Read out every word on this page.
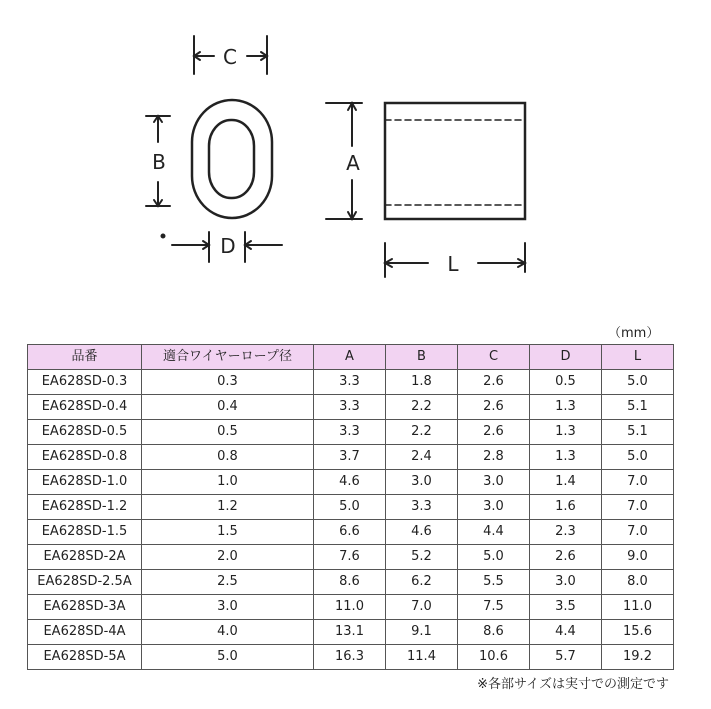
C
B
D
A
L
（mm）
品番	適合ワイヤーロープ径	A	B	C	D	L
EA628SD-0.3	0.3	3.3	1.8	2.6	0.5	5.0
EA628SD-0.4	0.4	3.3	2.2	2.6	1.3	5.1
EA628SD-0.5	0.5	3.3	2.2	2.6	1.3	5.1
EA628SD-0.8	0.8	3.7	2.4	2.8	1.3	5.0
EA628SD-1.0	1.0	4.6	3.0	3.0	1.4	7.0
EA628SD-1.2	1.2	5.0	3.3	3.0	1.6	7.0
EA628SD-1.5	1.5	6.6	4.6	4.4	2.3	7.0
EA628SD-2A	2.0	7.6	5.2	5.0	2.6	9.0
EA628SD-2.5A	2.5	8.6	6.2	5.5	3.0	8.0
EA628SD-3A	3.0	11.0	7.0	7.5	3.5	11.0
EA628SD-4A	4.0	13.1	9.1	8.6	4.4	15.6
EA628SD-5A	5.0	16.3	11.4	10.6	5.7	19.2
※各部サイズは実寸での測定です
